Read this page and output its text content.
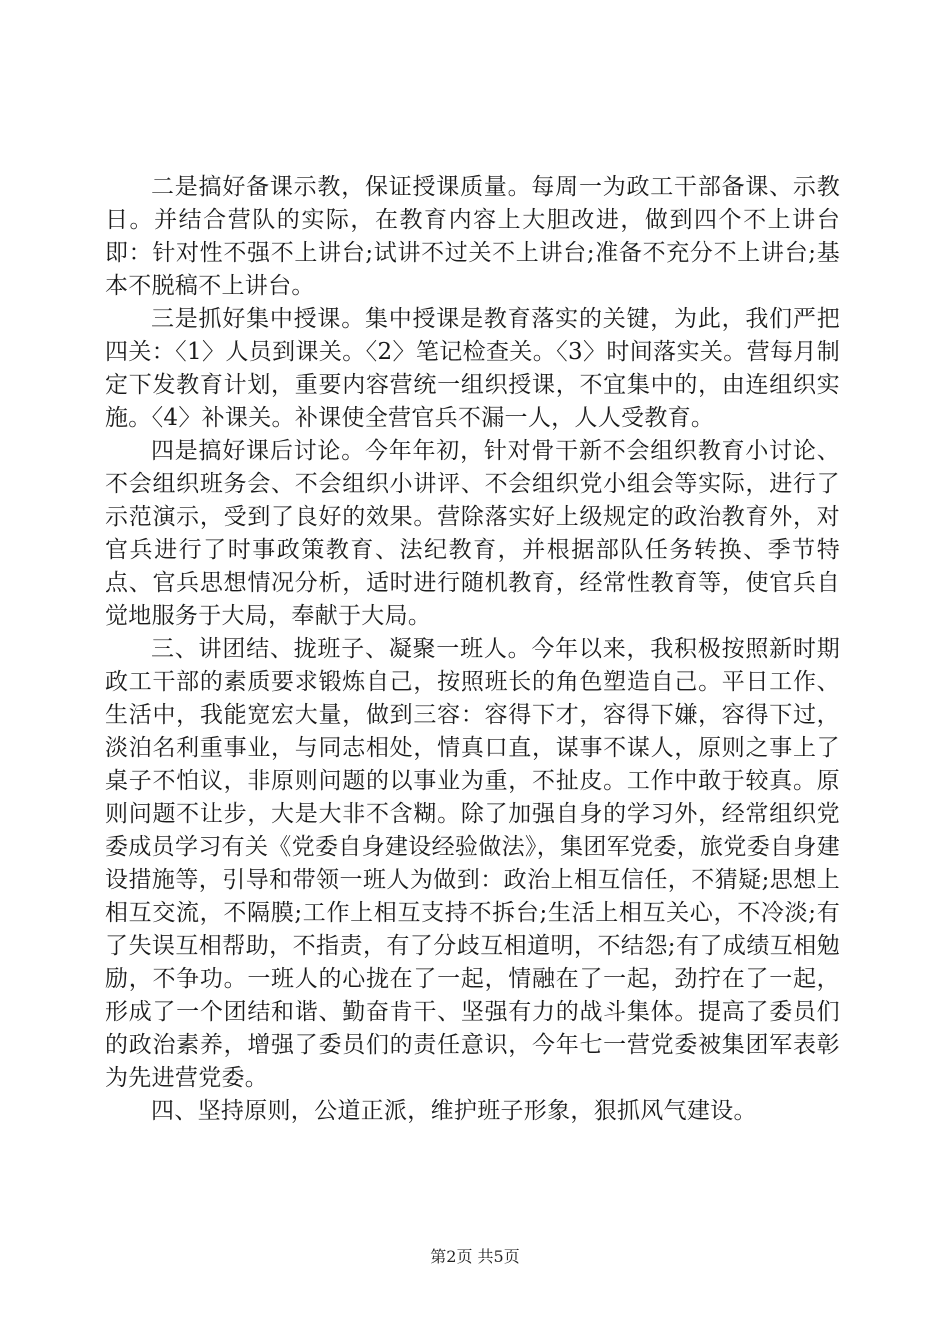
二是搞好备课示教，保证授课质量。每周一为政工干部备课、示教日。并结合营队的实际，在教育内容上大胆改进，做到四个不上讲台即：针对性不强不上讲台;试讲不过关不上讲台;准备不充分不上讲台;基本不脱稿不上讲台。

三是抓好集中授课。集中授课是教育落实的关键，为此，我们严把四关：〈1〉人员到课关。〈2〉笔记检查关。〈3〉时间落实关。营每月制定下发教育计划，重要内容营统一组织授课，不宜集中的，由连组织实施。〈4〉补课关。补课使全营官兵不漏一人，人人受教育。

四是搞好课后讨论。今年年初，针对骨干新不会组织教育小讨论、不会组织班务会、不会组织小讲评、不会组织党小组会等实际，进行了示范演示，受到了良好的效果。营除落实好上级规定的政治教育外，对官兵进行了时事政策教育、法纪教育，并根据部队任务转换、季节特点、官兵思想情况分析，适时进行随机教育，经常性教育等，使官兵自觉地服务于大局，奉献于大局。

三、讲团结、拢班子、凝聚一班人。今年以来，我积极按照新时期政工干部的素质要求锻炼自己，按照班长的角色塑造自己。平日工作、生活中，我能宽宏大量，做到三容：容得下才，容得下嫌，容得下过，淡泊名利重事业，与同志相处，情真口直，谋事不谋人，原则之事上了桌子不怕议，非原则问题的以事业为重，不扯皮。工作中敢于较真。原则问题不让步，大是大非不含糊。除了加强自身的学习外，经常组织党委成员学习有关《党委自身建设经验做法》，集团军党委，旅党委自身建设措施等，引导和带领一班人为做到：政治上相互信任，不猜疑;思想上相互交流，不隔膜;工作上相互支持不拆台;生活上相互关心，不冷淡;有了失误互相帮助，不指责，有了分歧互相道明，不结怨;有了成绩互相勉励，不争功。一班人的心拢在了一起，情融在了一起，劲拧在了一起，形成了一个团结和谐、勤奋肯干、坚强有力的战斗集体。提高了委员们的政治素养，增强了委员们的责任意识，今年七一营党委被集团军表彰为先进营党委。

四、坚持原则，公道正派，维护班子形象，狠抓风气建设。

第2页 共5页
